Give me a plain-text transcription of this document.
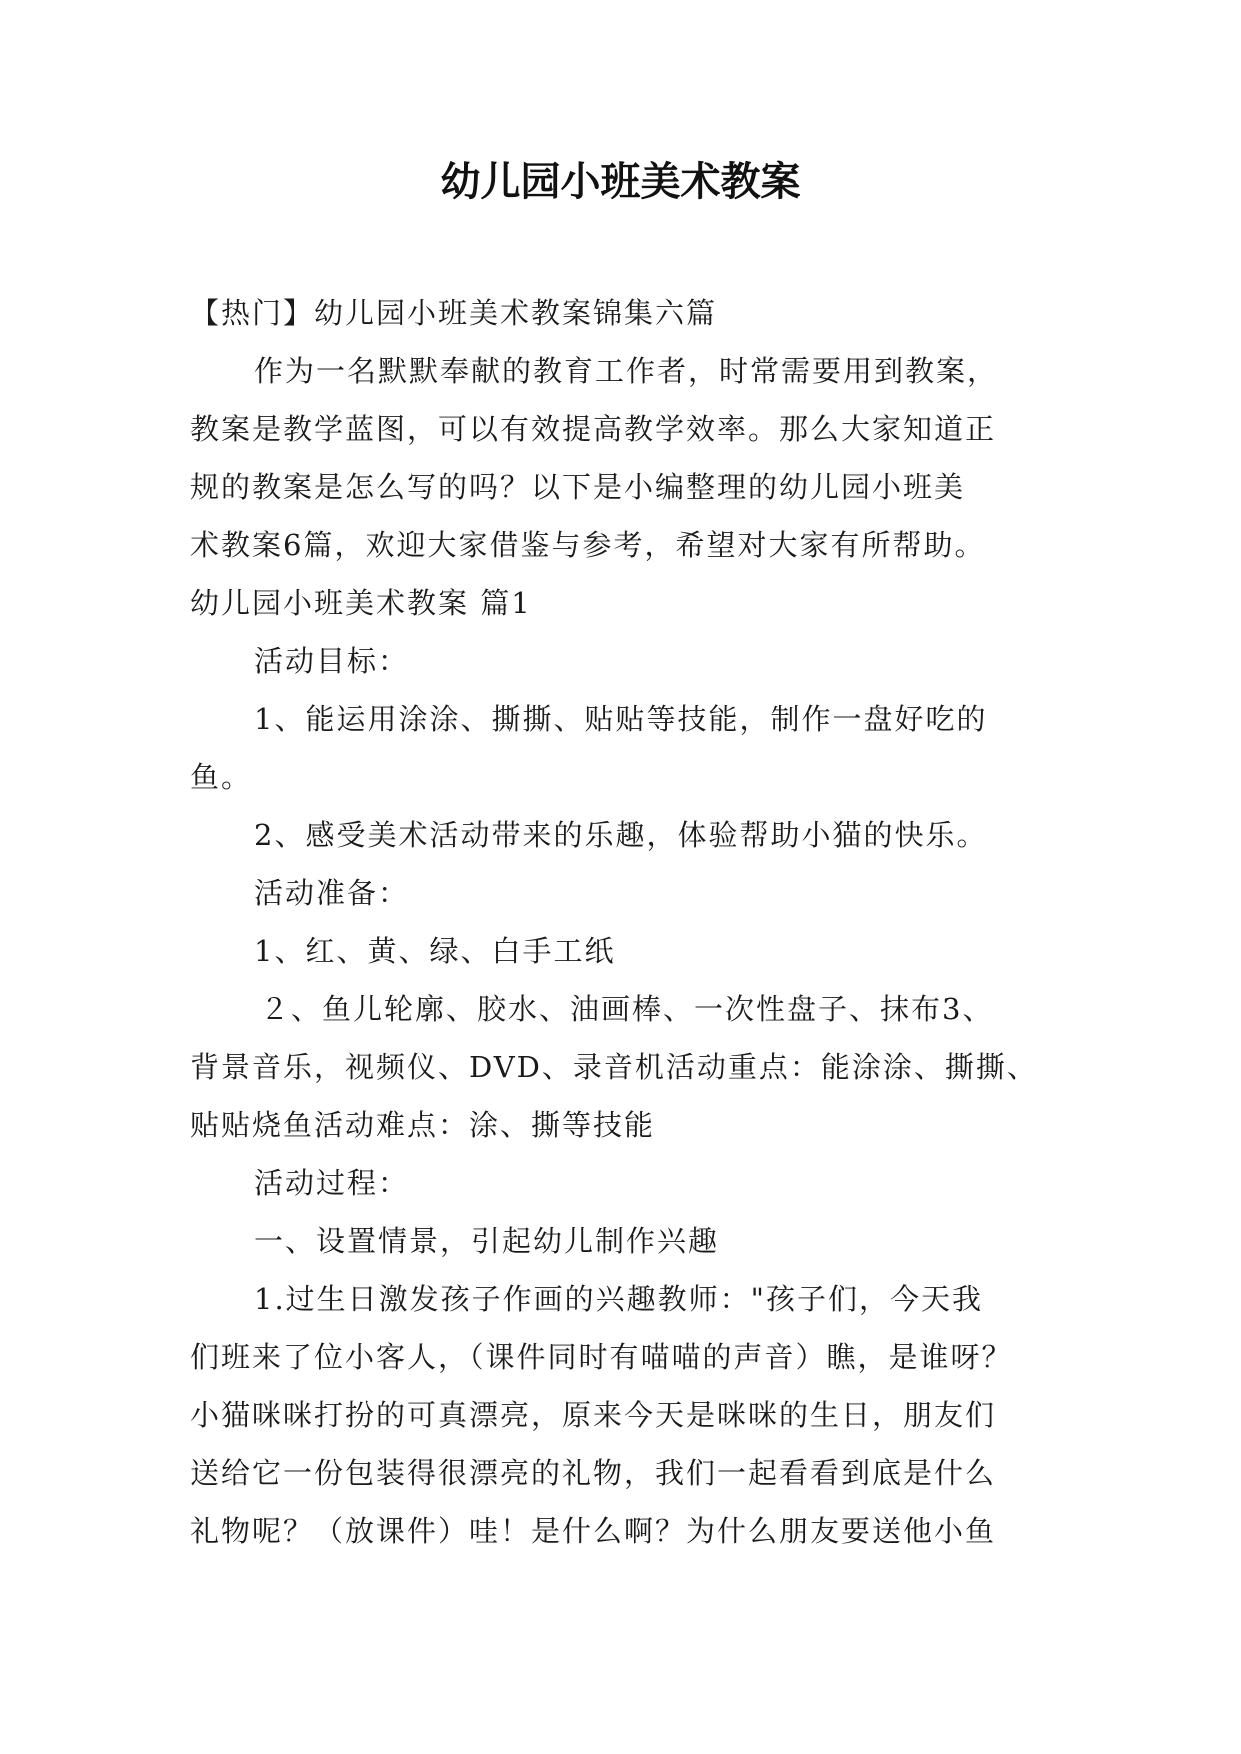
幼儿园小班美术教案
【热门】幼儿园小班美术教案锦集六篇
作为一名默默奉献的教育工作者，时常需要用到教案，
教案是教学蓝图，可以有效提高教学效率。那么大家知道正
规的教案是怎么写的吗？以下是小编整理的幼儿园小班美
术教案6篇，欢迎大家借鉴与参考，希望对大家有所帮助。
幼儿园小班美术教案 篇1
活动目标：
1、能运用涂涂、撕撕、贴贴等技能，制作一盘好吃的
鱼。
2、感受美术活动带来的乐趣，体验帮助小猫的快乐。
活动准备：
1、红、黄、绿、白手工纸
２、鱼儿轮廓、胶水、油画棒、一次性盘子、抹布3、
背景音乐，视频仪、DVD、录音机活动重点：能涂涂、撕撕、
贴贴烧鱼活动难点：涂、撕等技能
活动过程：
一、设置情景，引起幼儿制作兴趣
1.过生日激发孩子作画的兴趣教师："孩子们，今天我
们班来了位小客人，（课件同时有喵喵的声音）瞧，是谁呀？
小猫咪咪打扮的可真漂亮，原来今天是咪咪的生日，朋友们
送给它一份包装得很漂亮的礼物，我们一起看看到底是什么
礼物呢？（放课件）哇！是什么啊？为什么朋友要送他小鱼
